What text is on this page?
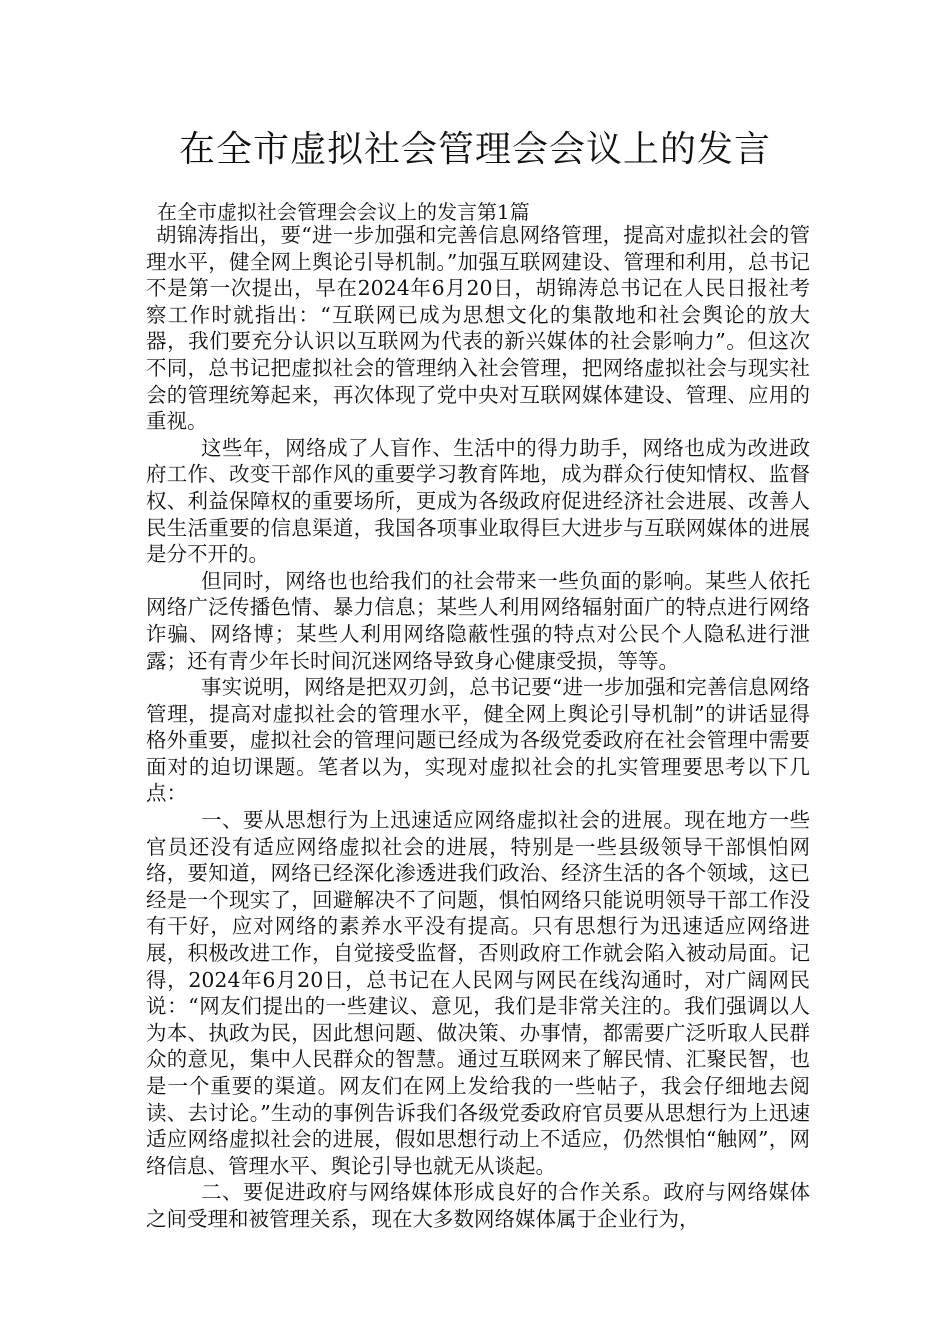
在全市虚拟社会管理会会议上的发言

在全市虚拟社会管理会会议上的发言第1篇

胡锦涛指出，要“进一步加强和完善信息网络管理，提高对虚拟社会的管理水平，健全网上舆论引导机制。”加强互联网建设、管理和利用，总书记不是第一次提出，早在2024年6月20日，胡锦涛总书记在人民日报社考察工作时就指出：“互联网已成为思想文化的集散地和社会舆论的放大器，我们要充分认识以互联网为代表的新兴媒体的社会影响力”。但这次不同，总书记把虚拟社会的管理纳入社会管理，把网络虚拟社会与现实社会的管理统筹起来，再次体现了党中央对互联网媒体建设、管理、应用的重视。

这些年，网络成了人盲作、生活中的得力助手，网络也成为改进政府工作、改变干部作风的重要学习教育阵地，成为群众行使知情权、监督权、利益保障权的重要场所，更成为各级政府促进经济社会进展、改善人民生活重要的信息渠道，我国各项事业取得巨大进步与互联网媒体的进展是分不开的。

但同时，网络也也给我们的社会带来一些负面的影响。某些人依托网络广泛传播色情、暴力信息；某些人利用网络辐射面广的特点进行网络诈骗、网络博；某些人利用网络隐蔽性强的特点对公民个人隐私进行泄露；还有青少年长时间沉迷网络导致身心健康受损，等等。

事实说明，网络是把双刃剑，总书记要“进一步加强和完善信息网络管理，提高对虚拟社会的管理水平，健全网上舆论引导机制”的讲话显得格外重要，虚拟社会的管理问题已经成为各级党委政府在社会管理中需要面对的迫切课题。笔者以为，实现对虚拟社会的扎实管理要思考以下几点：

一、要从思想行为上迅速适应网络虚拟社会的进展。现在地方一些官员还没有适应网络虚拟社会的进展，特别是一些县级领导干部惧怕网络，要知道，网络已经深化渗透进我们政治、经济生活的各个领域，这已经是一个现实了，回避解决不了问题，惧怕网络只能说明领导干部工作没有干好，应对网络的素养水平没有提高。只有思想行为迅速适应网络进展，积极改进工作，自觉接受监督，否则政府工作就会陷入被动局面。记得，2024年6月20日，总书记在人民网与网民在线沟通时，对广阔网民说：“网友们提出的一些建议、意见，我们是非常关注的。我们强调以人为本、执政为民，因此想问题、做决策、办事情，都需要广泛听取人民群众的意见，集中人民群众的智慧。通过互联网来了解民情、汇聚民智，也是一个重要的渠道。网友们在网上发给我的一些帖子，我会仔细地去阅读、去讨论。”生动的事例告诉我们各级党委政府官员要从思想行为上迅速适应网络虚拟社会的进展，假如思想行动上不适应，仍然惧怕“触网”，网络信息、管理水平、舆论引导也就无从谈起。

二、要促进政府与网络媒体形成良好的合作关系。政府与网络媒体之间受理和被管理关系，现在大多数网络媒体属于企业行为，
